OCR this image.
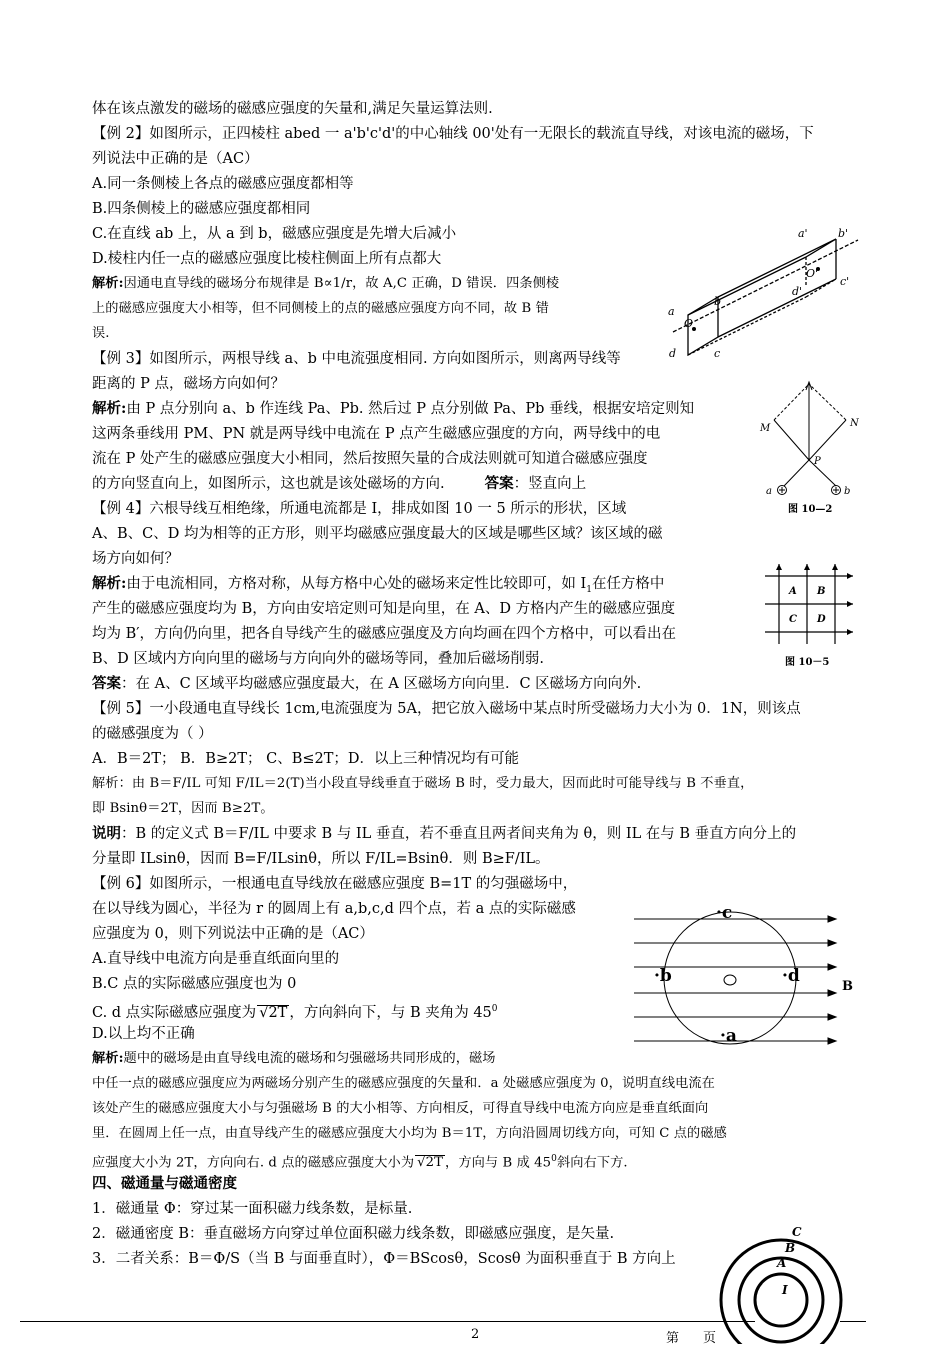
体在该点激发的磁场的磁感应强度的矢量和,满足矢量运算法则.
【例 2】如图所示，正四棱柱 abed 一 a'b'c'd'的中心轴线 00'处有一无限长的载流直导线，对该电流的磁场，下
列说法中正确的是（AC）
A.同一条侧棱上各点的磁感应强度都相等
B.四条侧棱上的磁感应强度都相同
C.在直线 ab 上，从 a 到 b，磁感应强度是先增大后减小
D.棱柱内任一点的磁感应强度比棱柱侧面上所有点都大
解析:因通电直导线的磁场分布规律是 B∝1/r，故 A,C 正确，D 错误．四条侧棱
上的磁感应强度大小相等，但不同侧棱上的点的磁感应强度方向不同，故 B 错
误.
【例 3】如图所示，两根导线 a、b 中电流强度相同. 方向如图所示，则离两导线等
距离的 P 点，磁场方向如何？
解析:由 P 点分别向 a、b 作连线 Pa、Pb. 然后过 P 点分别做 Pa、Pb 垂线，根据安培定则知
这两条垂线用 PM、PN 就是两导线中电流在 P 点产生磁感应强度的方向，两导线中的电
流在 P 处产生的磁感应强度大小相同，然后按照矢量的合成法则就可知道合磁感应强度
的方向竖直向上，如图所示，这也就是该处磁场的方向.	答案：竖直向上
【例 4】六根导线互相绝缘，所通电流都是 I，排成如图 10 一 5 所示的形状，区域
A、B、C、D 均为相等的正方形，则平均磁感应强度最大的区域是哪些区域？该区域的磁
场方向如何？
解析:由于电流相同，方格对称，从每方格中心处的磁场来定性比较即可，如 $I_1$在任方格中
产生的磁感应强度均为 B，方向由安培定则可知是向里，在 A、D 方格内产生的磁感应强度
均为 B′，方向仍向里，把各自导线产生的磁感应强度及方向均画在四个方格中，可以看出在
B、D 区域内方向向里的磁场与方向向外的磁场等同，叠加后磁场削弱.
答案：在 A、C 区域平均磁感应强度最大，在 A 区磁场方向向里．C 区磁场方向向外.
【例 5】一小段通电直导线长 1cm,电流强度为 5A，把它放入磁场中某点时所受磁场力大小为 0．1N，则该点
的磁感强度为（ ）
A．B＝2T； B．B≥2T； C、B≤2T；D．以上三种情况均有可能
解析：由 B＝F/IL 可知 F/IL＝2(T)当小段直导线垂直于磁场 B 时，受力最大，因而此时可能导线与 B 不垂直，
即 Bsinθ＝2T，因而 B≥2T。
说明：B 的定义式 B＝F/IL 中要求 B 与 IL 垂直，若不垂直且两者间夹角为 θ，则 IL 在与 B 垂直方向分上的
分量即 ILsinθ，因而 B=F/ILsinθ，所以 F/IL=Bsinθ．则 B≥F/IL。
【例 6】如图所示，一根通电直导线放在磁感应强度 B=1T 的匀强磁场中，
在以导线为圆心，半径为 r 的圆周上有 a,b,c,d 四个点，若 a 点的实际磁感
应强度为 0，则下列说法中正确的是（AC）
A.直导线中电流方向是垂直纸面向里的
B.C 点的实际磁感应强度也为 0
C. d 点实际磁感应强度为 √2T ，方向斜向下，与 B 夹角为 $45^0$
D.以上均不正确
解析:题中的磁场是由直导线电流的磁场和匀强磁场共同形成的，磁场
中任一点的磁感应强度应为两磁场分别产生的磁感应强度的矢量和．a 处磁感应强度为 0，说明直线电流在
该处产生的磁感应强度大小与匀强磁场 B 的大小相等、方向相反，可得直导线中电流方向应是垂直纸面向
里．在圆周上任一点，由直导线产生的磁感应强度大小均为 B＝1T，方向沿圆周切线方向，可知 C 点的磁感
应强度大小为 2T，方向向右. d 点的磁感应强度大小为 √2T ，方向与 B 成 $45^0$斜向右下方.
四、磁通量与磁通密度
1．磁通量 Φ：穿过某一面积磁力线条数，是标量.
2．磁通密度 B：垂直磁场方向穿过单位面积磁力线条数，即磁感应强度，是矢量.
3．二者关系：B＝Φ/S（当 B 与面垂直时），Φ＝BScosθ，Scosθ 为面积垂直于 B 方向上
a'	b'
O'
d'
c'
b
a
O
d	c
M	N
P
a	b
图 10—2
A B
C D
图 10－5
·c
·b	·d
·a
B
C
B
A
I
2	第 页
